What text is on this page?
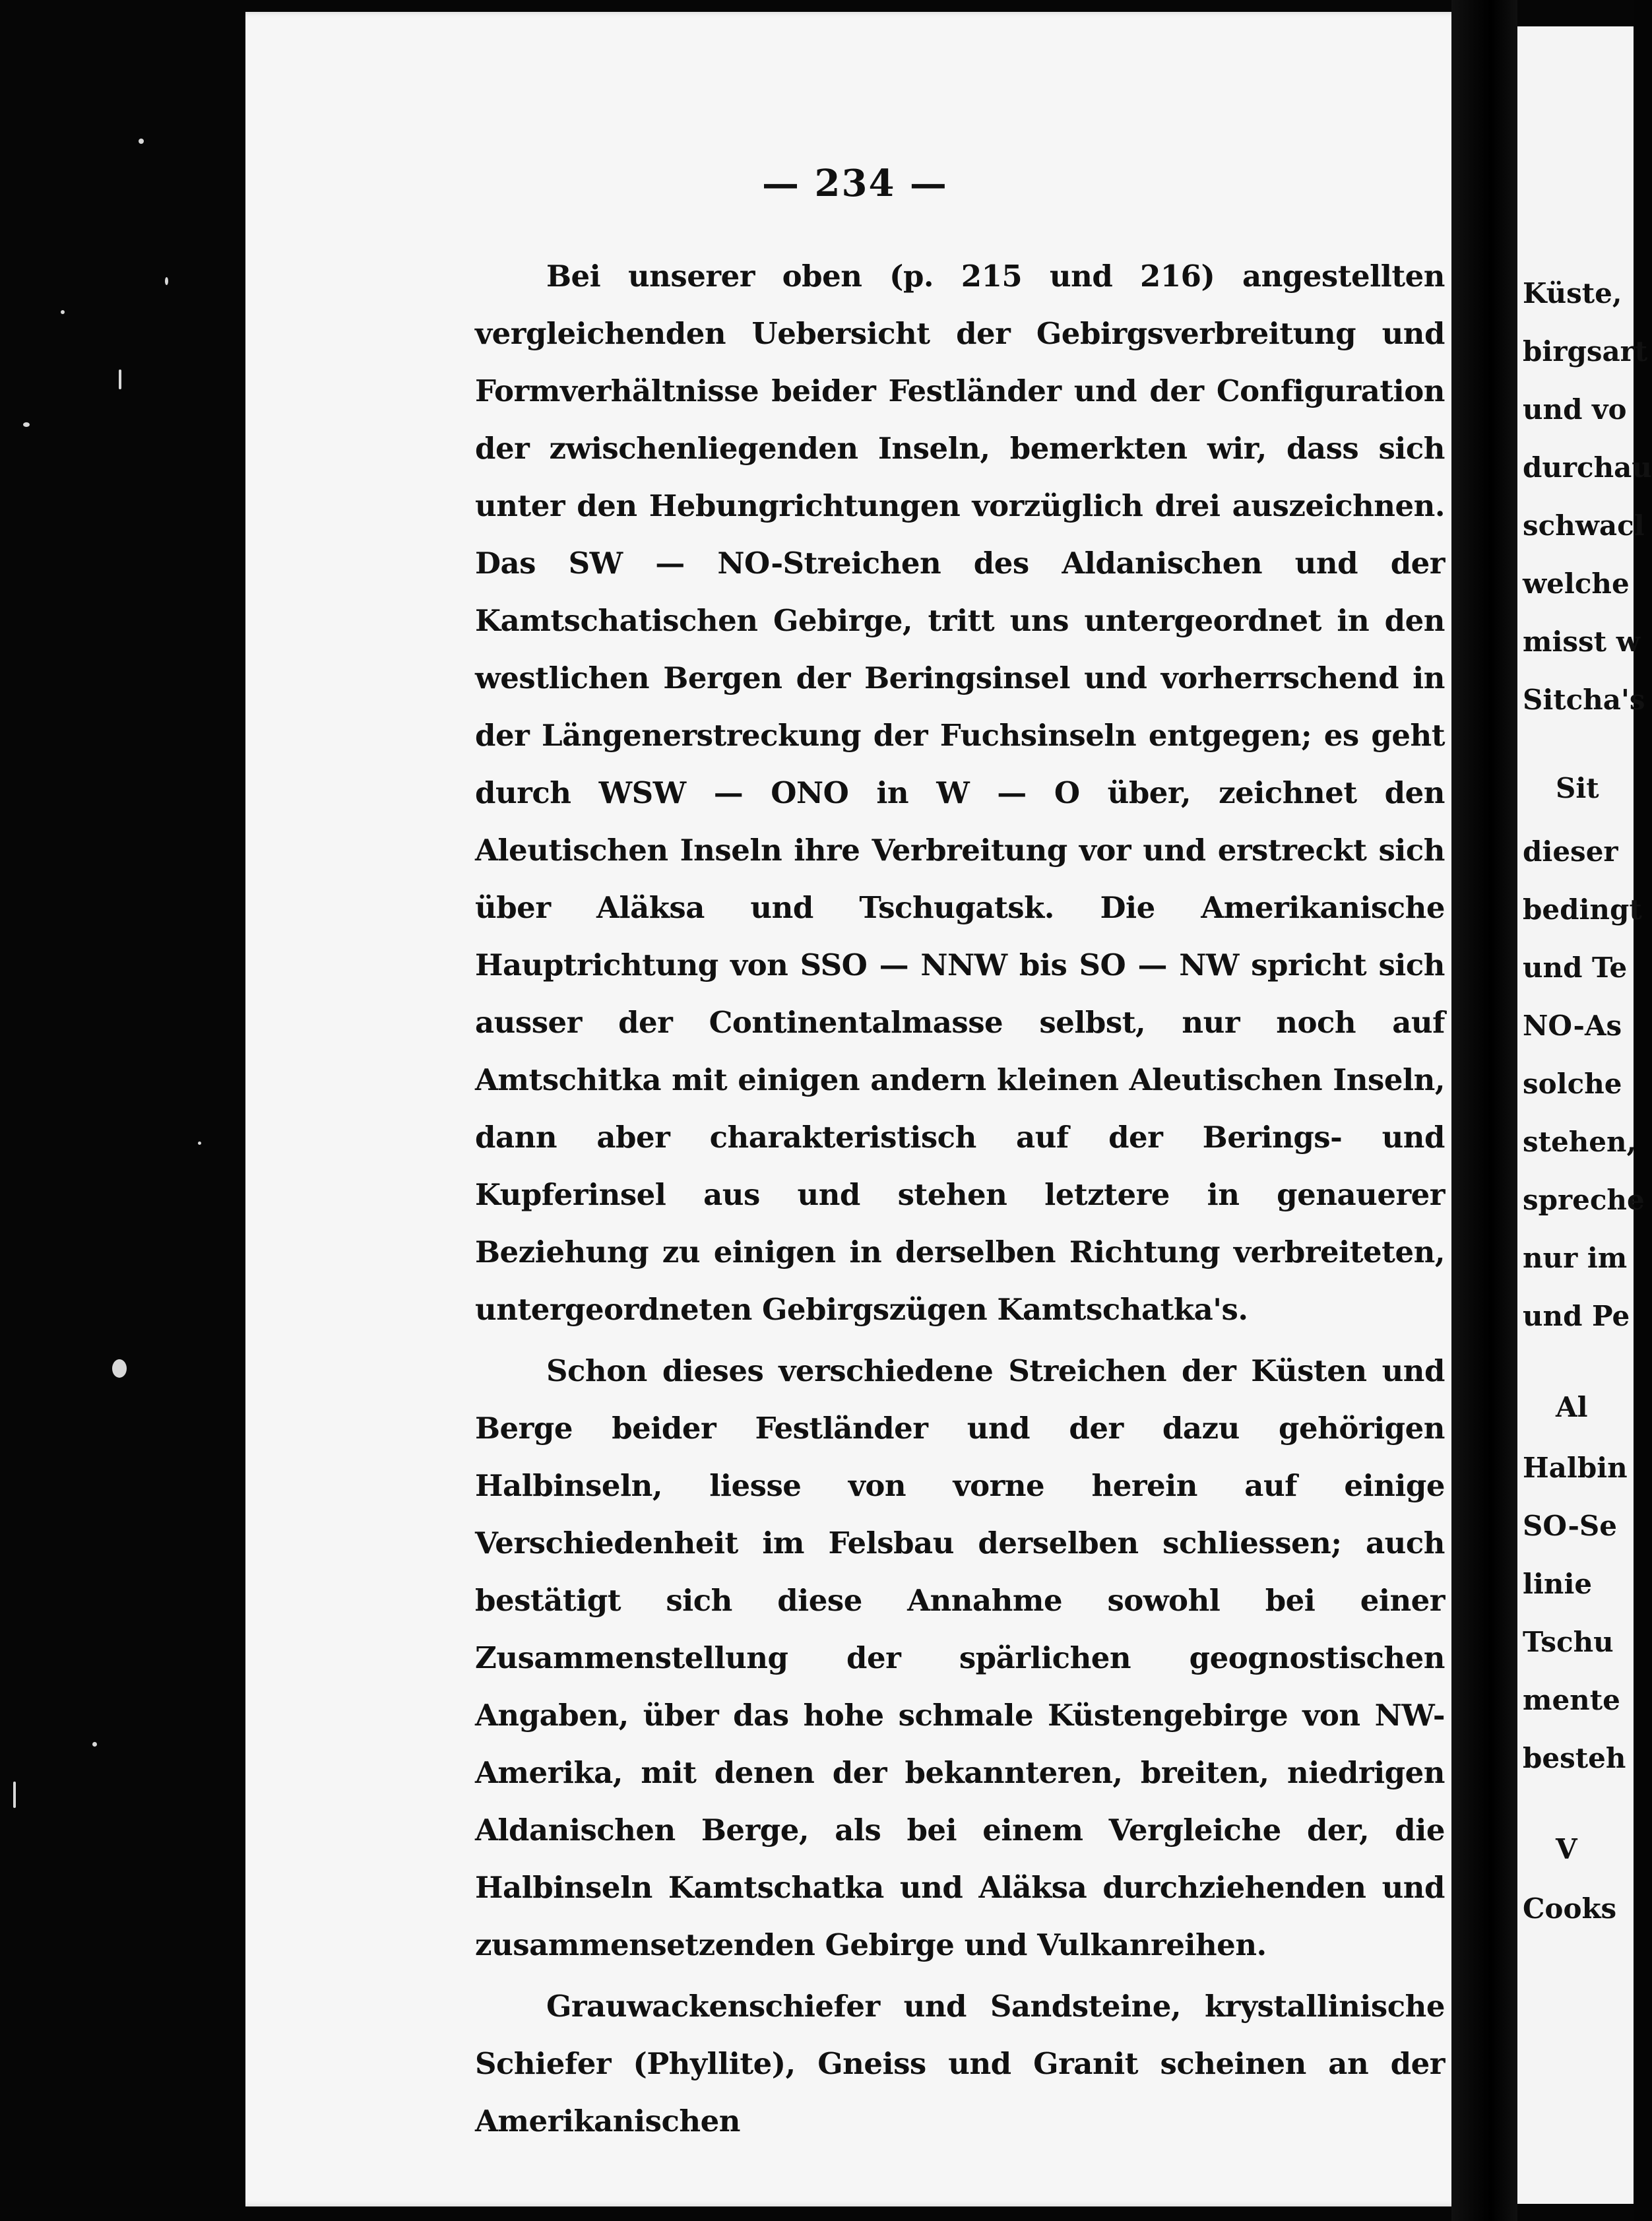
Küste,
birgsart
und vo
durchau
schwacl
welche
misst w
Sitcha's
Sit
dieser
bedingt
und Te
NO-As
solche
stehen,
spreche
nur im
und Pe
Al
Halbin
SO-Se
linie
Tschu
mente
besteh
V
Cooks
— 234 —

Bei unserer oben (p. 215 und 216) angestellten vergleichenden Uebersicht der Gebirgsverbreitung und Formverhältnisse beider Festländer und der Configuration der zwischenliegenden Inseln, bemerkten wir, dass sich unter den Hebungrichtungen vorzüglich drei auszeichnen. Das SW — NO-Streichen des Aldanischen und der Kamtschatischen Gebirge, tritt uns untergeordnet in den westlichen Bergen der Beringsinsel und vorherrschend in der Längenerstreckung der Fuchsinseln entgegen; es geht durch WSW — ONO in W — O über, zeichnet den Aleutischen Inseln ihre Verbreitung vor und erstreckt sich über Aläksa und Tschugatsk. Die Amerikanische Hauptrichtung von SSO — NNW bis SO — NW spricht sich ausser der Continentalmasse selbst, nur noch auf Amtschitka mit einigen andern kleinen Aleutischen Inseln, dann aber charakteristisch auf der Berings- und Kupferinsel aus und stehen letztere in genauerer Beziehung zu einigen in derselben Richtung verbreiteten, untergeordneten Gebirgszügen Kamtschatka's.

Schon dieses verschiedene Streichen der Küsten und Berge beider Festländer und der dazu gehörigen Halbinseln, liesse von vorne herein auf einige Verschiedenheit im Felsbau derselben schliessen; auch bestätigt sich diese Annahme sowohl bei einer Zusammenstellung der spärlichen geognostischen Angaben, über das hohe schmale Küstengebirge von NW-Amerika, mit denen der bekannteren, breiten, niedrigen Aldanischen Berge, als bei einem Vergleiche der, die Halbinseln Kamtschatka und Aläksa durchziehenden und zusammensetzenden Gebirge und Vulkanreihen.

Grauwackenschiefer und Sandsteine, krystallinische Schiefer (Phyllite), Gneiss und Granit scheinen an der Amerikanischen
